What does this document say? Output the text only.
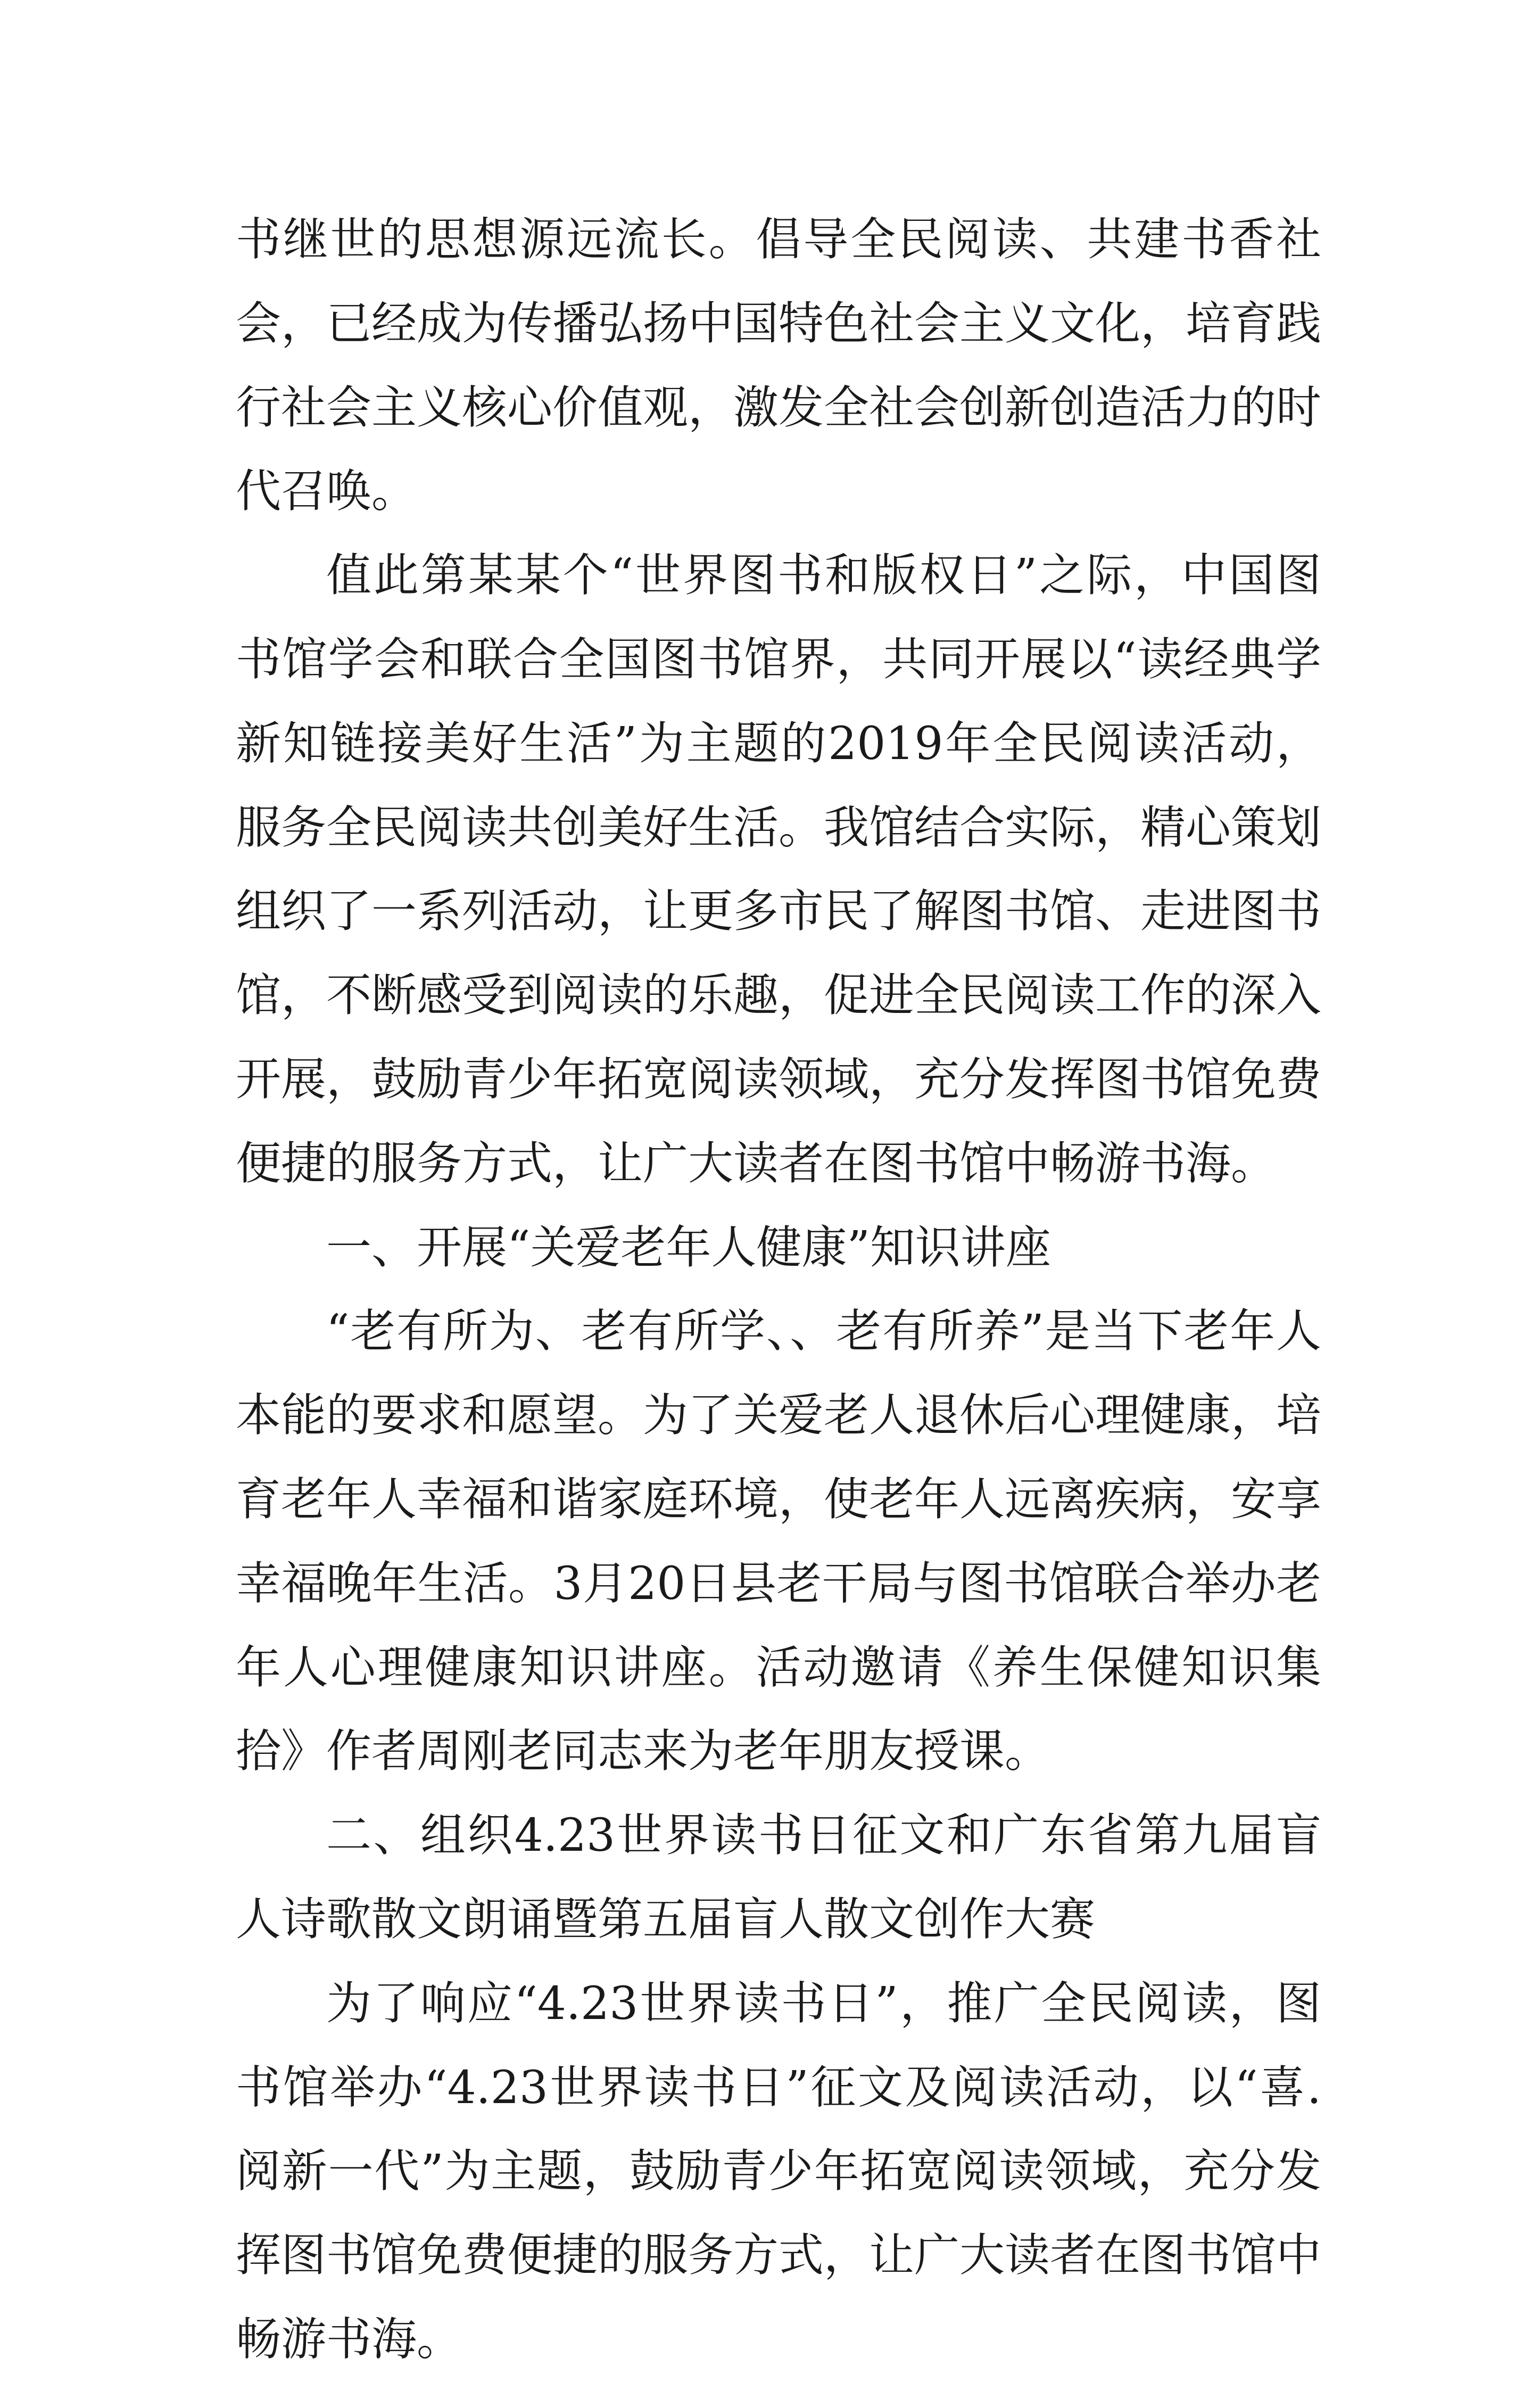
书继世的思想源远流长。倡导全民阅读、共建书香社会，已经成为传播弘扬中国特色社会主义文化，培育践行社会主义核心价值观，激发全社会创新创造活力的时代召唤。

值此第某某个“世界图书和版权日”之际，中国图书馆学会和联合全国图书馆界，共同开展以“读经典学新知链接美好生活”为主题的2019年全民阅读活动，服务全民阅读共创美好生活。我馆结合实际，精心策划组织了一系列活动，让更多市民了解图书馆、走进图书馆，不断感受到阅读的乐趣，促进全民阅读工作的深入开展，鼓励青少年拓宽阅读领域，充分发挥图书馆免费便捷的服务方式，让广大读者在图书馆中畅游书海。

一、开展“关爱老年人健康”知识讲座

“老有所为、老有所学、、老有所养”是当下老年人本能的要求和愿望。为了关爱老人退休后心理健康，培育老年人幸福和谐家庭环境，使老年人远离疾病，安享幸福晚年生活。3月20日县老干局与图书馆联合举办老年人心理健康知识讲座。活动邀请《养生保健知识集拾》作者周刚老同志来为老年朋友授课。

二、组织4.23世界读书日征文和广东省第九届盲人诗歌散文朗诵暨第五届盲人散文创作大赛

为了响应“4.23世界读书日”，推广全民阅读，图书馆举办“4.23世界读书日”征文及阅读活动，以“喜.阅新一代”为主题，鼓励青少年拓宽阅读领域，充分发挥图书馆免费便捷的服务方式，让广大读者在图书馆中畅游书海。
